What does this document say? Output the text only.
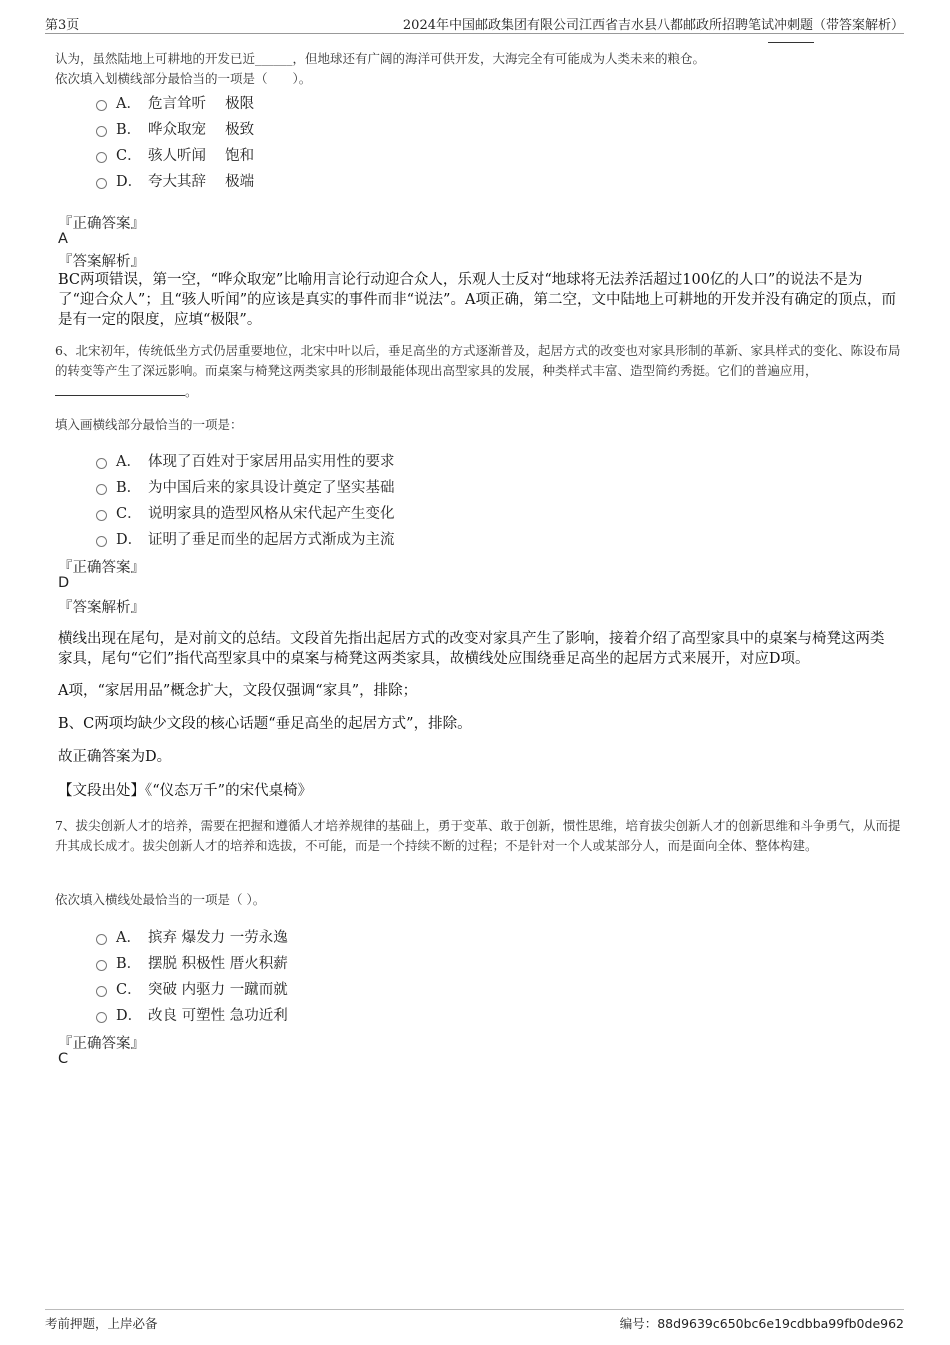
第3页	2024年中国邮政集团有限公司江西省吉水县八都邮政所招聘笔试冲刺题（带答案解析）
认为，虽然陆地上可耕地的开发已近______，但地球还有广阔的海洋可供开发，大海完全有可能成为人类未来的粮仓。
依次填入划横线部分最恰当的一项是（　　）。
A． 危言耸听　 极限
B． 哗众取宠　 极致
C． 骇人听闻　 饱和
D． 夸大其辞　 极端
『正确答案』
A
『答案解析』
BC两项错误，第一空，“哗众取宠”比喻用言论行动迎合众人，乐观人士反对“地球将无法养活超过100亿的人口”的说法不是为了“迎合众人”；且“骇人听闻”的应该是真实的事件而非“说法”。A项正确，第二空，文中陆地上可耕地的开发并没有确定的顶点，而是有一定的限度，应填“极限”。
6、北宋初年，传统低坐方式仍居重要地位，北宋中叶以后，垂足高坐的方式逐渐普及，起居方式的改变也对家具形制的革新、家具样式的变化、陈设布局的转变等产生了深远影响。而桌案与椅凳这两类家具的形制最能体现出高型家具的发展，种类样式丰富、造型简约秀挺。它们的普遍应用，。
填入画横线部分最恰当的一项是：
A． 体现了百姓对于家居用品实用性的要求
B． 为中国后来的家具设计奠定了坚实基础
C． 说明家具的造型风格从宋代起产生变化
D． 证明了垂足而坐的起居方式渐成为主流
『正确答案』
D
『答案解析』
横线出现在尾句，是对前文的总结。文段首先指出起居方式的改变对家具产生了影响，接着介绍了高型家具中的桌案与椅凳这两类家具，尾句“它们”指代高型家具中的桌案与椅凳这两类家具，故横线处应围绕垂足高坐的起居方式来展开，对应D项。
A项，“家居用品”概念扩大，文段仅强调“家具”，排除；
B、C两项均缺少文段的核心话题“垂足高坐的起居方式”，排除。
故正确答案为D。
【文段出处】《“仪态万千”的宋代桌椅》
7、拔尖创新人才的培养，需要在把握和遵循人才培养规律的基础上，勇于变革、敢于创新，惯性思维，培育拔尖创新人才的创新思维和斗争勇气，从而提升其成长成才。拔尖创新人才的培养和选拔，不可能，而是一个持续不断的过程；不是针对一个人或某部分人，而是面向全体、整体构建。
依次填入横线处最恰当的一项是（ ）。
A． 摈弃 爆发力 一劳永逸
B． 摆脱 积极性 厝火积薪
C． 突破 内驱力 一蹴而就
D． 改良 可塑性 急功近利
『正确答案』
C
考前押题，上岸必备	编号：88d9639c650bc6e19cdbba99fb0de962
